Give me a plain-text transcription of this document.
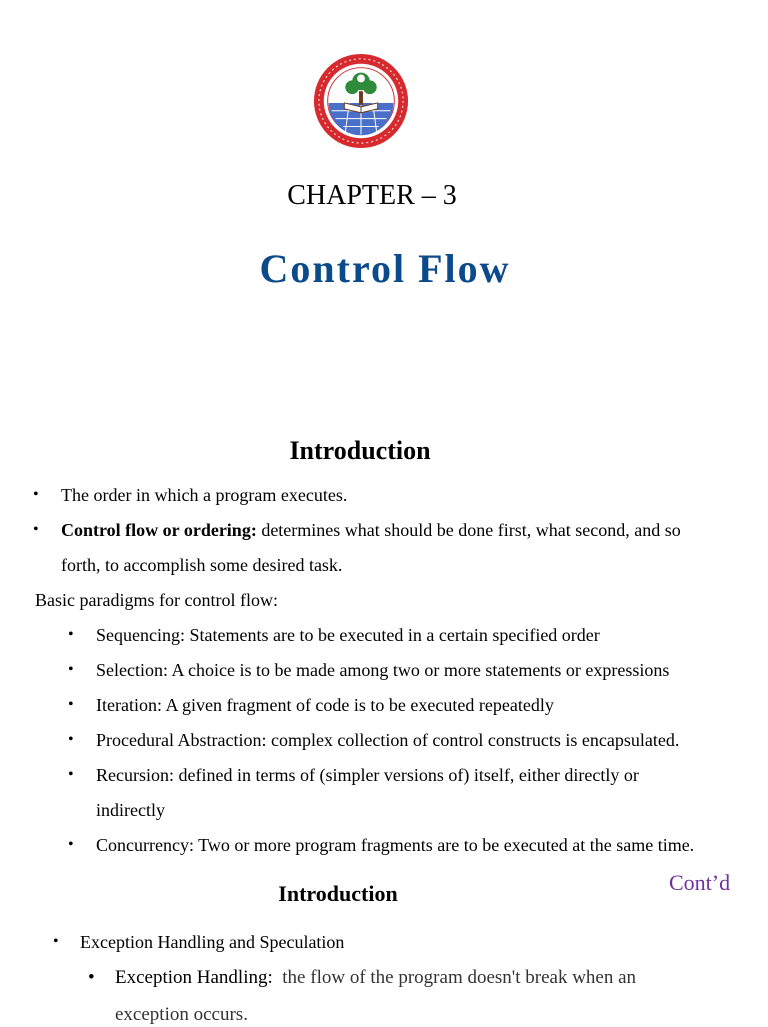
CHAPTER – 3
Control Flow
Introduction
• The order in which a program executes.
• Control flow or ordering: determines what should be done first, what second, and so
forth, to accomplish some desired task.
Basic paradigms for control flow:
• Sequencing: Statements are to be executed in a certain specified order
• Selection: A choice is to be made among two or more statements or expressions
• Iteration: A given fragment of code is to be executed repeatedly
• Procedural Abstraction: complex collection of control constructs is encapsulated.
• Recursion: defined in terms of (simpler versions of) itself, either directly or
indirectly
• Concurrency: Two or more program fragments are to be executed at the same time.
Introduction	Cont’d
• Exception Handling and Speculation
• Exception Handling:  the flow of the program doesn't break when an
exception occurs.
